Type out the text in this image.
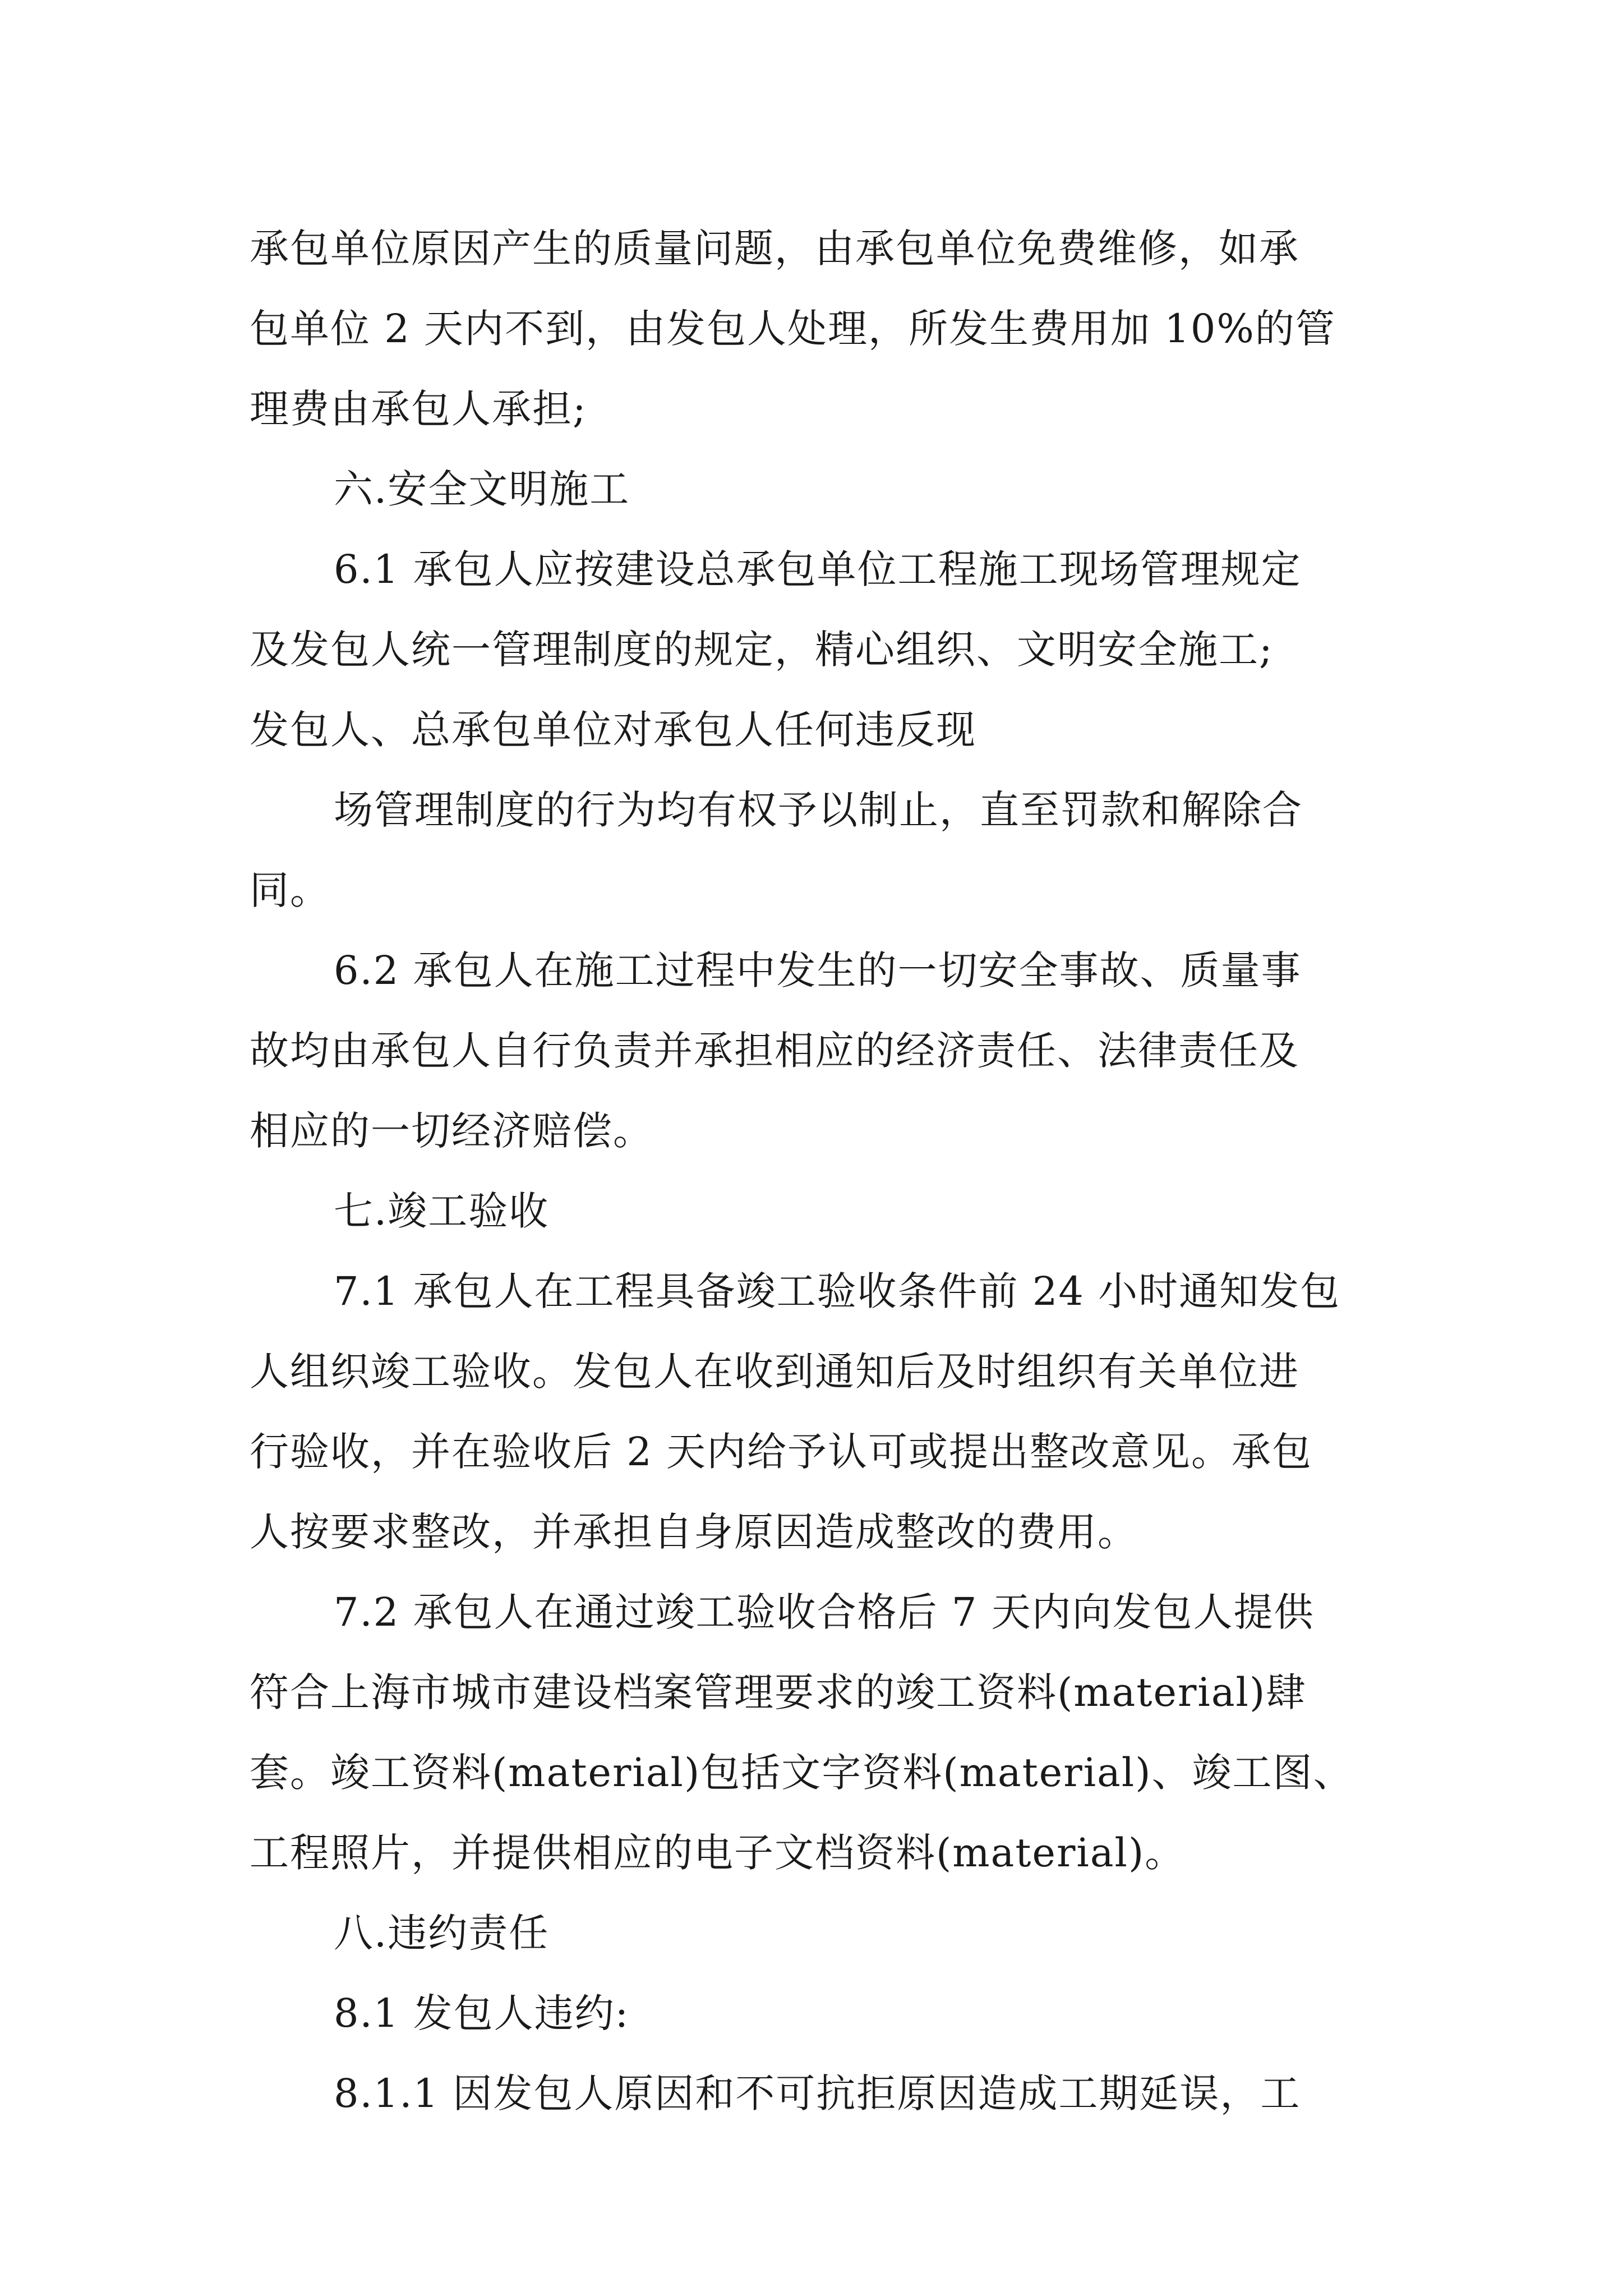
承包单位原因产生的质量问题，由承包单位免费维修，如承
包单位 2 天内不到，由发包人处理，所发生费用加 10%的管
理费由承包人承担;
六.安全文明施工
6.1 承包人应按建设总承包单位工程施工现场管理规定
及发包人统一管理制度的规定，精心组织、文明安全施工;
发包人、总承包单位对承包人任何违反现
场管理制度的行为均有权予以制止，直至罚款和解除合
同。
6.2 承包人在施工过程中发生的一切安全事故、质量事
故均由承包人自行负责并承担相应的经济责任、法律责任及
相应的一切经济赔偿。
七.竣工验收
7.1 承包人在工程具备竣工验收条件前 24 小时通知发包
人组织竣工验收。发包人在收到通知后及时组织有关单位进
行验收，并在验收后 2 天内给予认可或提出整改意见。承包
人按要求整改，并承担自身原因造成整改的费用。
7.2 承包人在通过竣工验收合格后 7 天内向发包人提供
符合上海市城市建设档案管理要求的竣工资料(material)肆
套。竣工资料(material)包括文字资料(material)、竣工图、
工程照片，并提供相应的电子文档资料(material)。
八.违约责任
8.1 发包人违约:
8.1.1 因发包人原因和不可抗拒原因造成工期延误，工
